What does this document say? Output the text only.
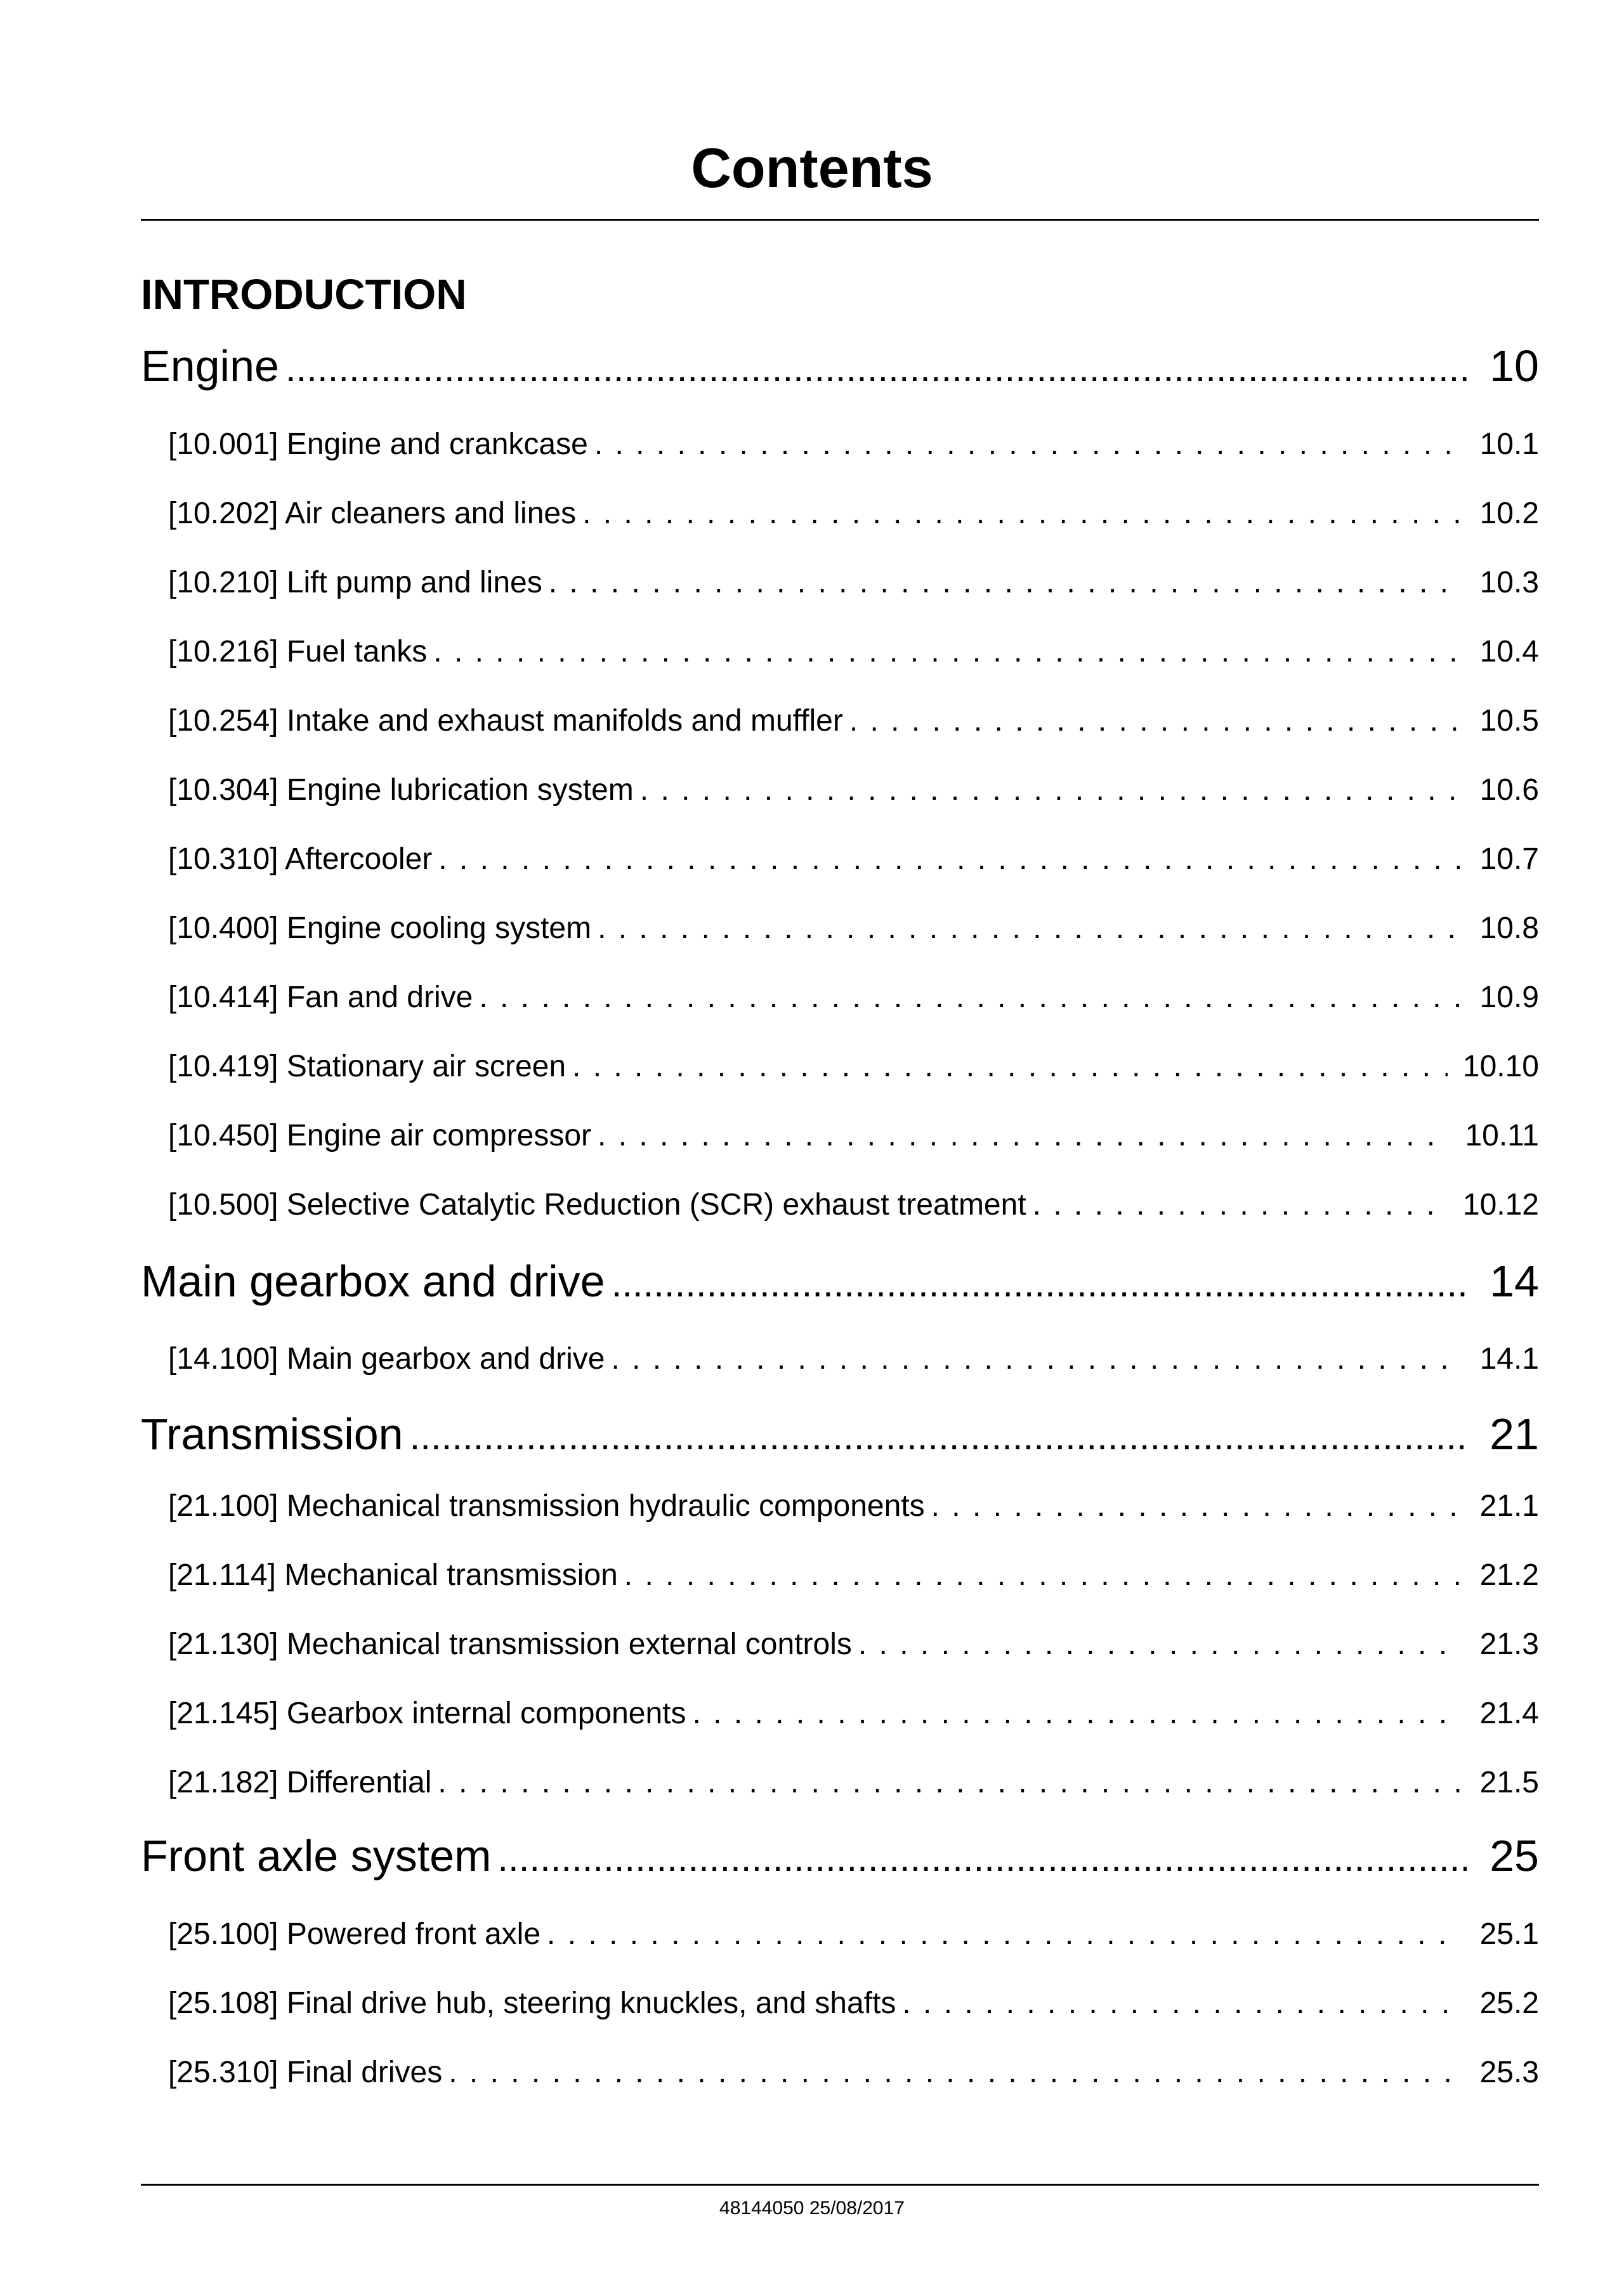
Contents
INTRODUCTION
Engine .....	10
[10.001] Engine and crankcase . . .	10.1
[10.202] Air cleaners and lines . . .	10.2
[10.210] Lift pump and lines . . .	10.3
[10.216] Fuel tanks . . .	10.4
[10.254] Intake and exhaust manifolds and muffler . . .	10.5
[10.304] Engine lubrication system . . .	10.6
[10.310] Aftercooler . . .	10.7
[10.400] Engine cooling system . . .	10.8
[10.414] Fan and drive . . .	10.9
[10.419] Stationary air screen . . .	10.10
[10.450] Engine air compressor . . .	10.11
[10.500] Selective Catalytic Reduction (SCR) exhaust treatment . . .	10.12
Main gearbox and drive .....	14
[14.100] Main gearbox and drive . . .	14.1
Transmission .....	21
[21.100] Mechanical transmission hydraulic components . . .	21.1
[21.114] Mechanical transmission . . .	21.2
[21.130] Mechanical transmission external controls . . .	21.3
[21.145] Gearbox internal components . . .	21.4
[21.182] Differential . . .	21.5
Front axle system .....	25
[25.100] Powered front axle . . .	25.1
[25.108] Final drive hub, steering knuckles, and shafts . . .	25.2
[25.310] Final drives . . .	25.3
48144050 25/08/2017
